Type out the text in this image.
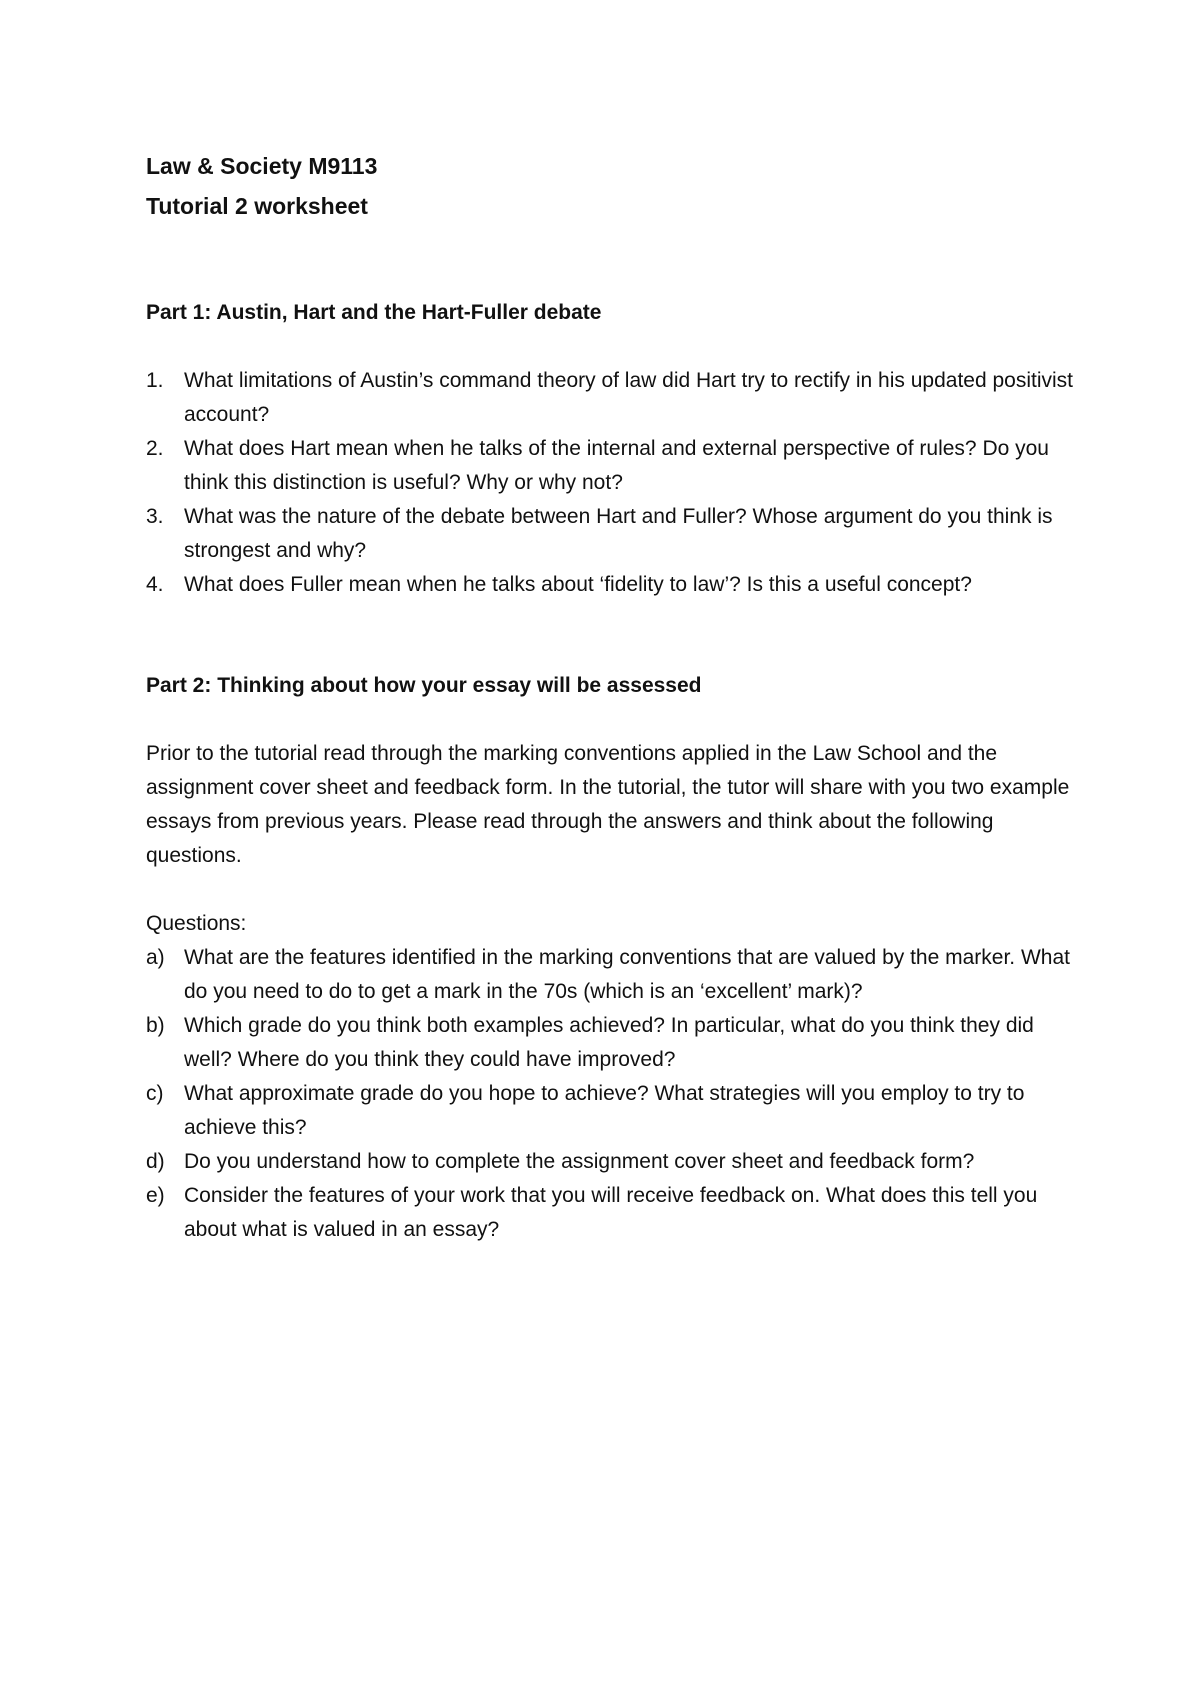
Law & Society M9113

Tutorial 2 worksheet

Part 1: Austin, Hart and the Hart-Fuller debate

1. What limitations of Austin’s command theory of law did Hart try to rectify in his updated positivist account?
2. What does Hart mean when he talks of the internal and external perspective of rules? Do you think this distinction is useful? Why or why not?
3. What was the nature of the debate between Hart and Fuller? Whose argument do you think is strongest and why?
4. What does Fuller mean when he talks about ‘fidelity to law’? Is this a useful concept?

Part 2: Thinking about how your essay will be assessed

Prior to the tutorial read through the marking conventions applied in the Law School and the assignment cover sheet and feedback form. In the tutorial, the tutor will share with you two example essays from previous years. Please read through the answers and think about the following questions.

Questions:

a) What are the features identified in the marking conventions that are valued by the marker. What do you need to do to get a mark in the 70s (which is an ‘excellent’ mark)?
b) Which grade do you think both examples achieved? In particular, what do you think they did well? Where do you think they could have improved?
c) What approximate grade do you hope to achieve? What strategies will you employ to try to achieve this?
d) Do you understand how to complete the assignment cover sheet and feedback form?
e) Consider the features of your work that you will receive feedback on. What does this tell you about what is valued in an essay?
